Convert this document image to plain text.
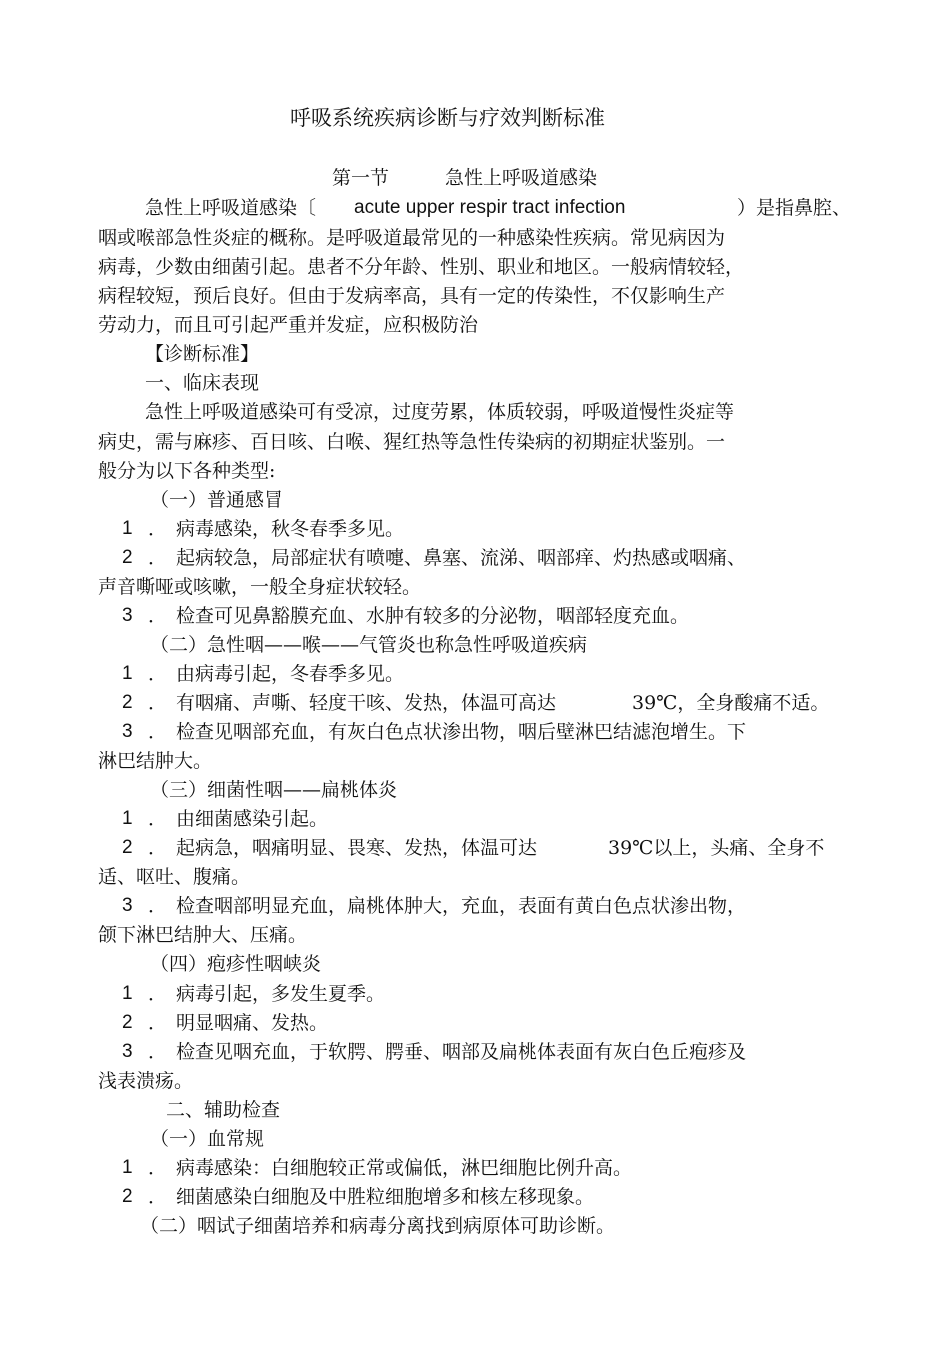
呼吸系统疾病诊断与疗效判断标准
第一节	急性上呼吸道感染
急性上呼吸道感染〔 acute upper respir tract infection	）是指鼻腔、
咽或喉部急性炎症的概称。是呼吸道最常见的一种感染性疾病。常见病因为
病毒，少数由细菌引起。患者不分年龄、性别、职业和地区。一般病情较轻，
病程较短，预后良好。但由于发病率高，具有一定的传染性，不仅影响生产
劳动力，而且可引起严重并发症，应积极防治
【诊断标准】
一、临床表现
急性上呼吸道感染可有受凉，过度劳累，体质较弱，呼吸道慢性炎症等
病史，需与麻疹、百日咳、白喉、猩红热等急性传染病的初期症状鉴别。一
般分为以下各种类型:
（一）普通感冒
1 ． 病毒感染，秋冬春季多见。
2 ． 起病较急，局部症状有喷嚏、鼻塞、流涕、咽部痒、灼热感或咽痛、
声音嘶哑或咳嗽，一般全身症状较轻。
3 ． 检查可见鼻豁膜充血、水肿有较多的分泌物，咽部轻度充血。
（二）急性咽——喉——气管炎也称急性呼吸道疾病
1 ． 由病毒引起，冬春季多见。
2 ． 有咽痛、声嘶、轻度干咳、发热，体温可高达	39℃，全身酸痛不适。
3 ． 检查见咽部充血，有灰白色点状渗出物，咽后壁淋巴结滤泡增生。下
淋巴结肿大。
（三）细菌性咽——扁桃体炎
1 ． 由细菌感染引起。
2 ． 起病急，咽痛明显、畏寒、发热，体温可达	39℃以上，头痛、全身不
适、呕吐、腹痛。
3 ． 检查咽部明显充血，扁桃体肿大，充血，表面有黄白色点状渗出物，
颌下淋巴结肿大、压痛。
（四）疱疹性咽峡炎
1 ． 病毒引起，多发生夏季。
2 ． 明显咽痛、发热。
3 ． 检查见咽充血，于软腭、腭垂、咽部及扁桃体表面有灰白色丘疱疹及
浅表溃疡。
二、辅助检查
（一）血常规
1 ． 病毒感染：白细胞较正常或偏低，淋巴细胞比例升高。
2 ． 细菌感染白细胞及中胜粒细胞增多和核左移现象。
（二）咽试子细菌培养和病毒分离找到病原体可助诊断。
